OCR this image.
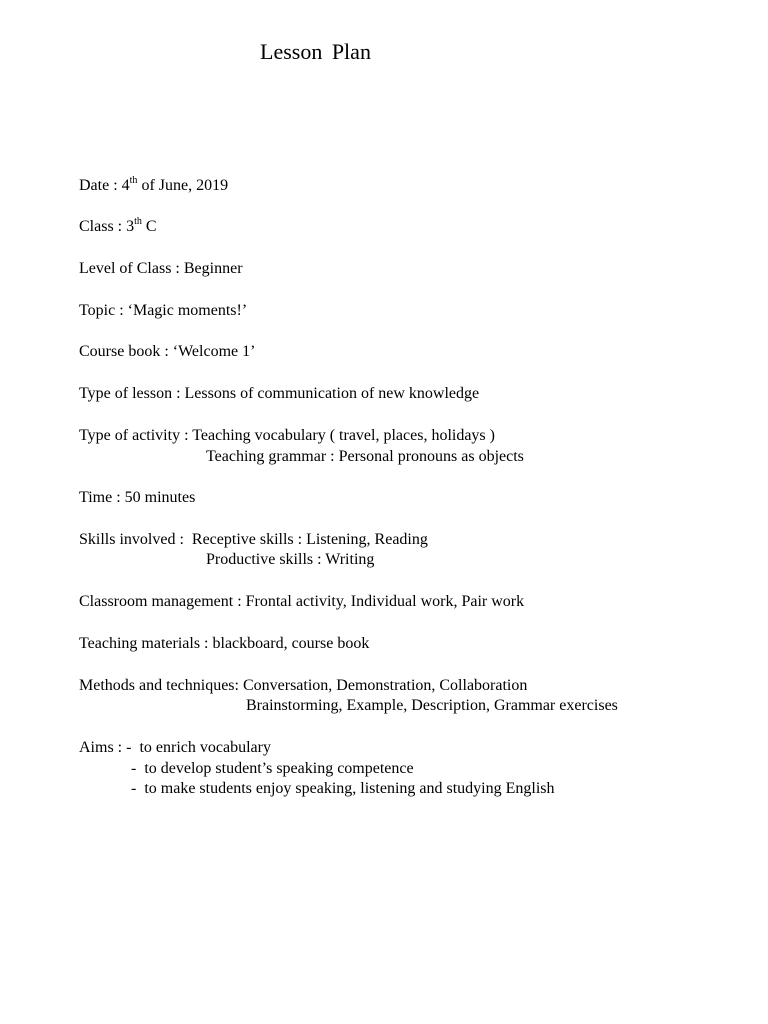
Lesson Plan
Date : 4th of June, 2019
Class : 3th C
Level of Class : Beginner
Topic : ‘Magic moments!’
Course book : ‘Welcome 1’
Type of lesson : Lessons of communication of new knowledge
Type of activity : Teaching vocabulary ( travel, places, holidays )
Teaching grammar : Personal pronouns as objects
Time : 50 minutes
Skills involved :  Receptive skills : Listening, Reading
Productive skills : Writing
Classroom management : Frontal activity, Individual work, Pair work
Teaching materials : blackboard, course book
Methods and techniques: Conversation, Demonstration, Collaboration
Brainstorming, Example, Description, Grammar exercises
Aims : -  to enrich vocabulary
-  to develop student’s speaking competence
-  to make students enjoy speaking, listening and studying English
